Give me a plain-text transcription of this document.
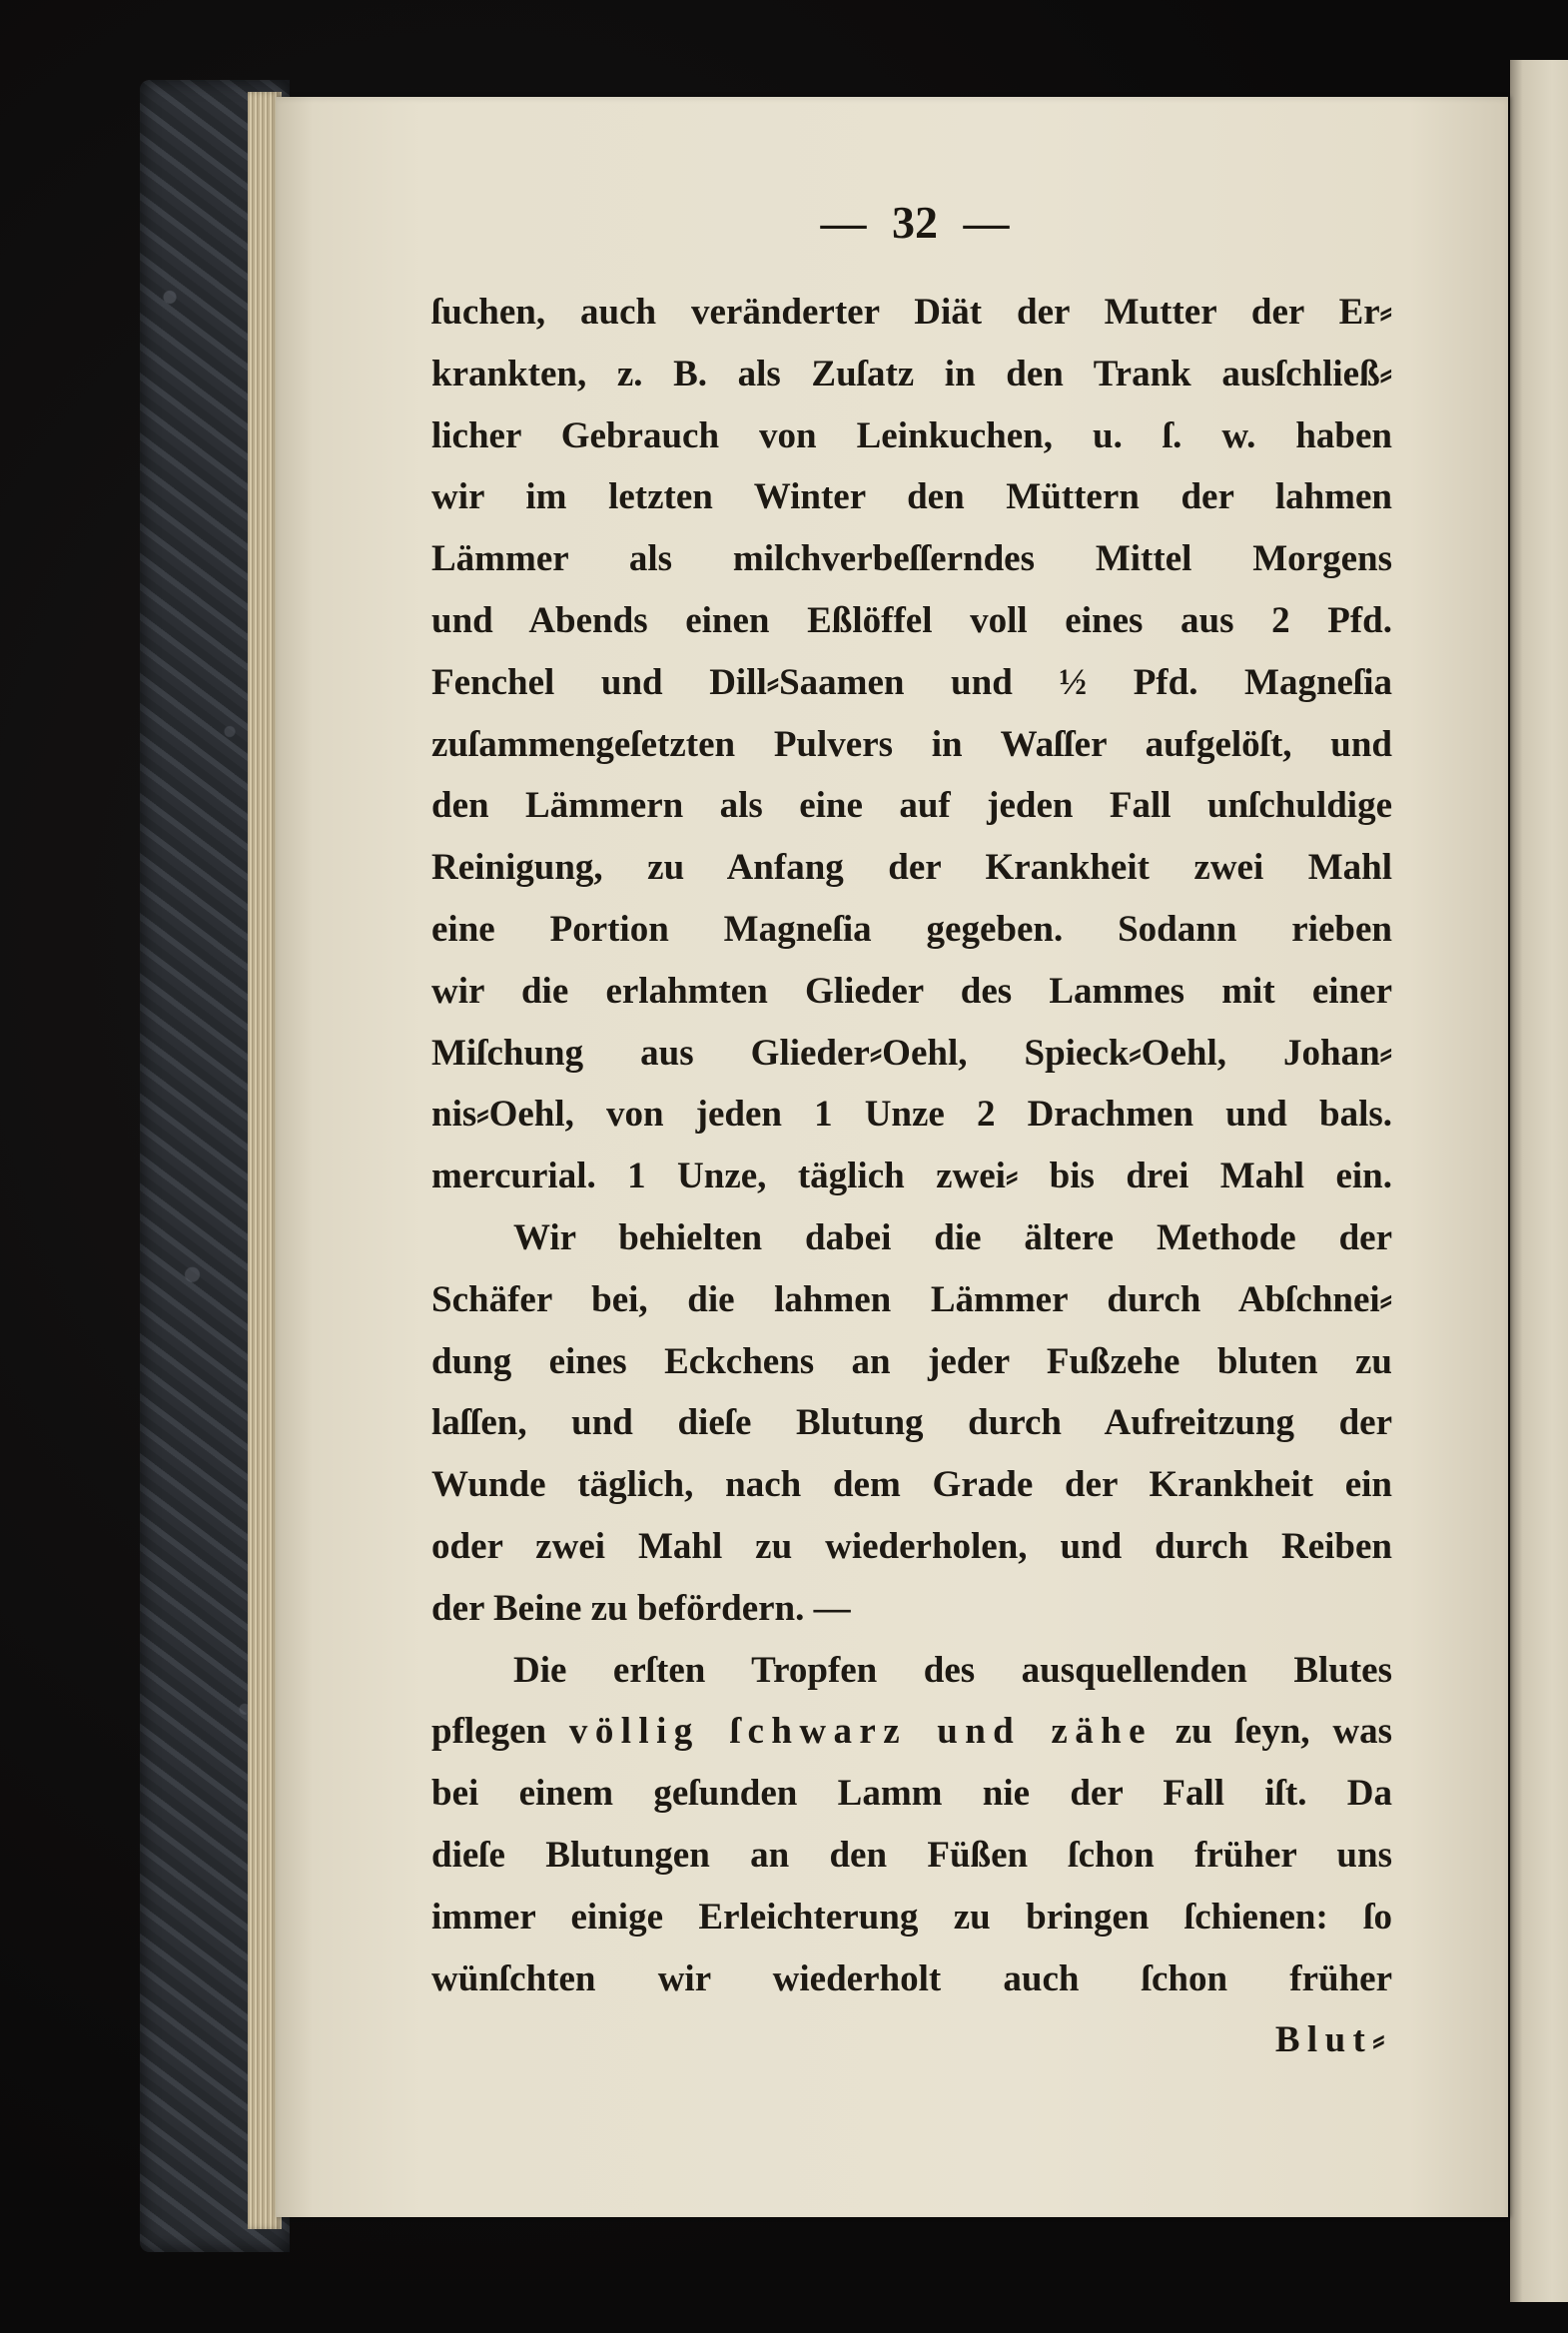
— 32 —
ſuchen, auch veränderter Diät der Mutter der Er⸗
krankten, z. B. als Zuſatz in den Trank ausſchließ⸗
licher Gebrauch von Leinkuchen, u. ſ. w. haben
wir im letzten Winter den Müttern der lahmen
Lämmer als milchverbeſſerndes Mittel Morgens
und Abends einen Eßlöffel voll eines aus 2 Pfd.
Fenchel und Dill⸗Saamen und ½ Pfd. Magneſia
zuſammengeſetzten Pulvers in Waſſer aufgelöſt, und
den Lämmern als eine auf jeden Fall unſchuldige
Reinigung, zu Anfang der Krankheit zwei Mahl
eine Portion Magneſia gegeben. Sodann rieben
wir die erlahmten Glieder des Lammes mit einer
Miſchung aus Glieder⸗Oehl, Spieck⸗Oehl, Johan⸗
nis⸗Oehl, von jeden 1 Unze 2 Drachmen und bals.
mercurial. 1 Unze, täglich zwei⸗ bis drei Mahl ein.
Wir behielten dabei die ältere Methode der
Schäfer bei, die lahmen Lämmer durch Abſchnei⸗
dung eines Eckchens an jeder Fußzehe bluten zu
laſſen, und dieſe Blutung durch Aufreitzung der
Wunde täglich, nach dem Grade der Krankheit ein
oder zwei Mahl zu wiederholen, und durch Reiben
der Beine zu befördern. —
Die erſten Tropfen des ausquellenden Blutes
pflegen völlig ſchwarz und zähe zu ſeyn, was
bei einem geſunden Lamm nie der Fall iſt. Da
dieſe Blutungen an den Füßen ſchon früher uns
immer einige Erleichterung zu bringen ſchienen: ſo
wünſchten wir wiederholt auch ſchon früher
Blut⸗
